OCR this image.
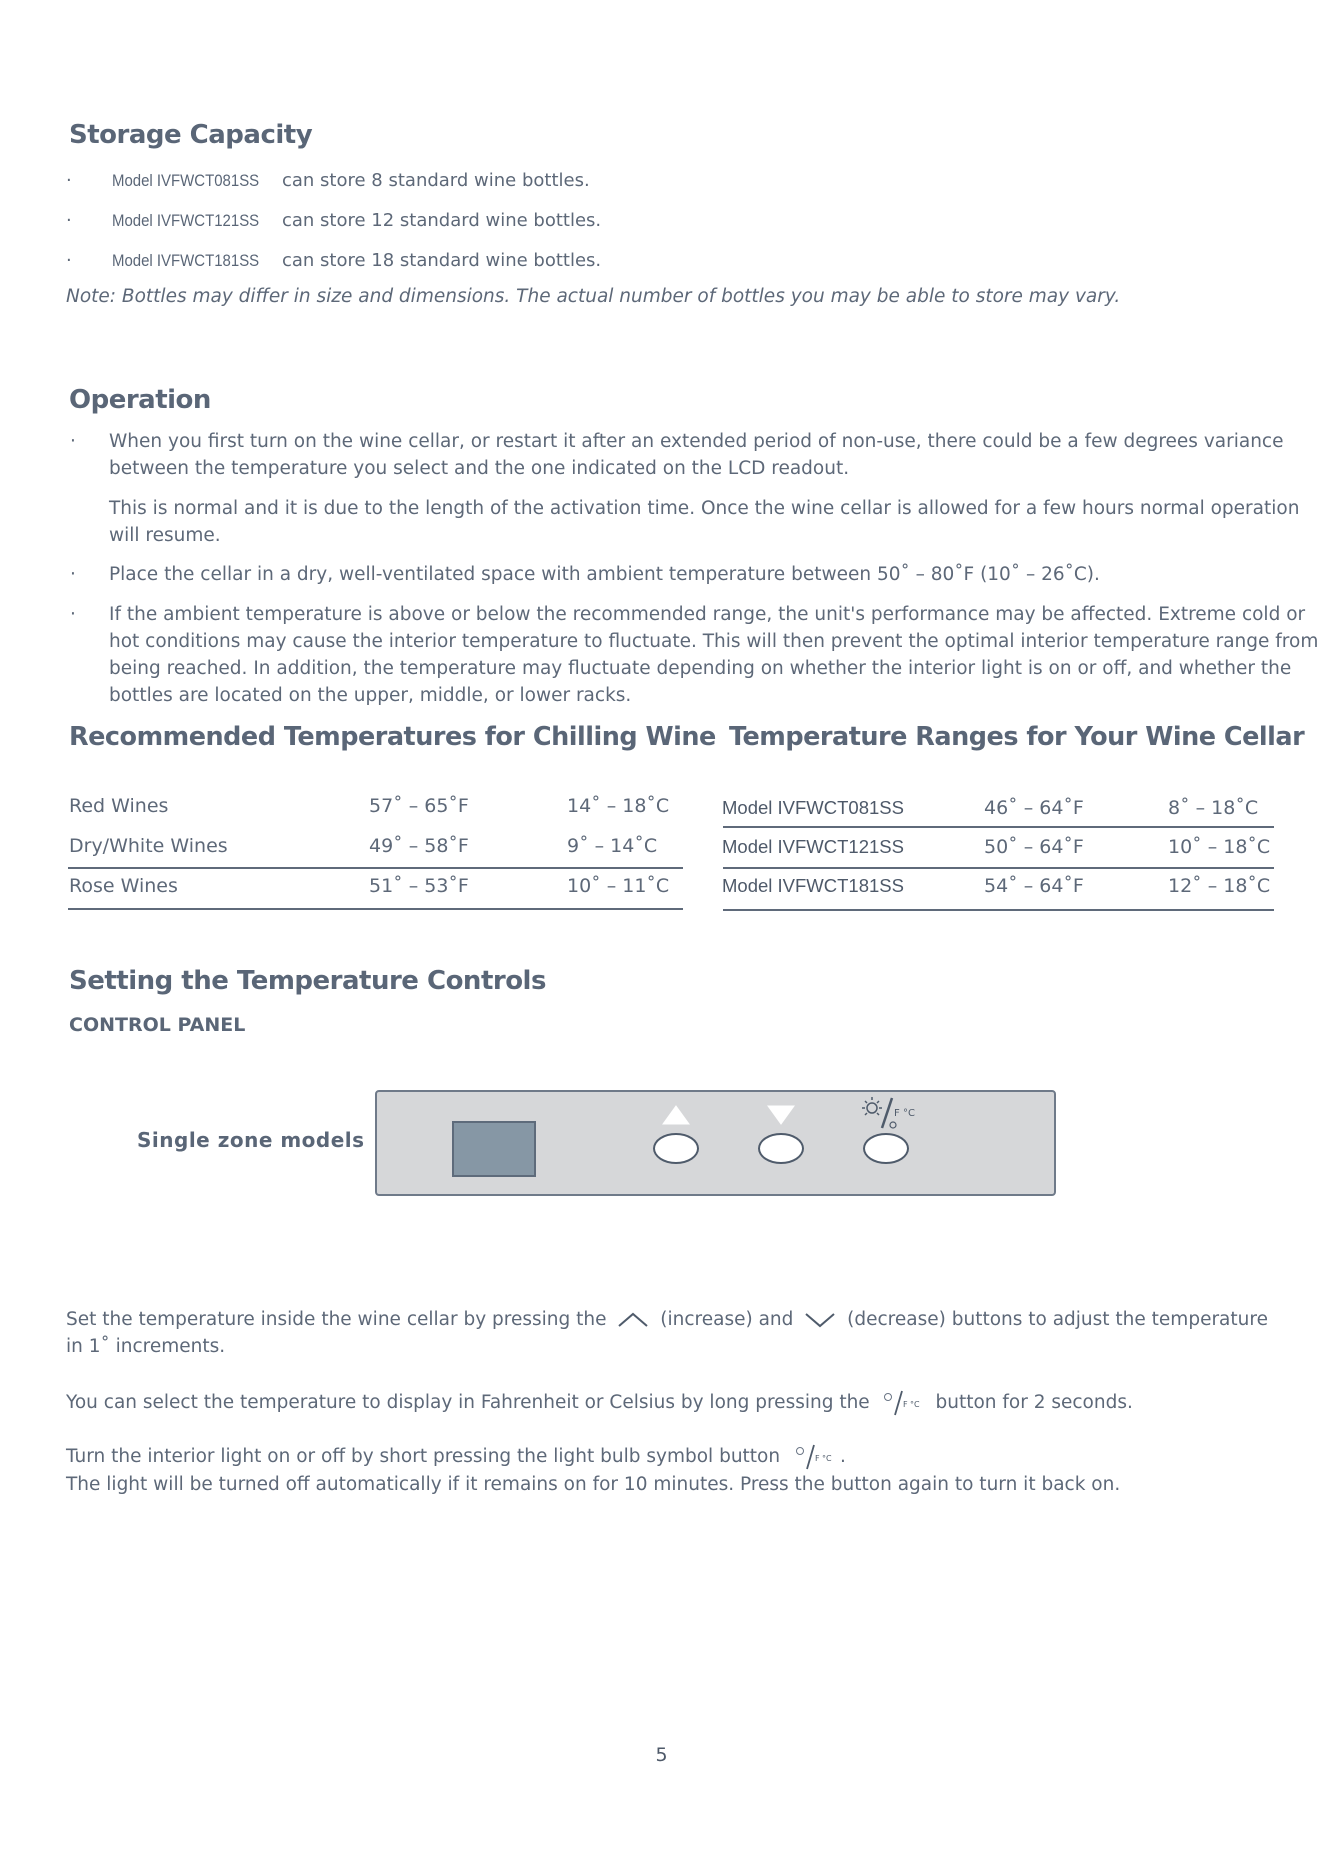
Storage Capacity
· Model IVFWCT081SS can store 8 standard wine bottles.
· Model IVFWCT121SS can store 12 standard wine bottles.
· Model IVFWCT181SS can store 18 standard wine bottles.
Note: Bottles may differ in size and dimensions. The actual number of bottles you may be able to store may vary.
Operation
· When you first turn on the wine cellar, or restart it after an extended period of non-use, there could be a few degrees variance
between the temperature you select and the one indicated on the LCD readout.
This is normal and it is due to the length of the activation time. Once the wine cellar is allowed for a few hours normal operation
will resume.
· Place the cellar in a dry, well-ventilated space with ambient temperature between 50˚ – 80˚F (10˚ – 26˚C).
· If the ambient temperature is above or below the recommended range, the unit's performance may be affected. Extreme cold or
hot conditions may cause the interior temperature to fluctuate. This will then prevent the optimal interior temperature range from
being reached. In addition, the temperature may fluctuate depending on whether the interior light is on or off, and whether the
bottles are located on the upper, middle, or lower racks.
Recommended Temperatures for Chilling Wine
Red Wines	57˚ – 65˚F	14˚ – 18˚C
Dry/White Wines	49˚ – 58˚F	9˚ – 14˚C
Rose Wines	51˚ – 53˚F	10˚ – 11˚C
Temperature Ranges for Your Wine Cellar
Model IVFWCT081SS	46˚ – 64˚F	8˚ – 18˚C
Model IVFWCT121SS	50˚ – 64˚F	10˚ – 18˚C
Model IVFWCT181SS	54˚ – 64˚F	12˚ – 18˚C
Setting the Temperature Controls
CONTROL PANEL
Single zone models
F °C
Set the temperature inside the wine cellar by pressing the	(increase) and	(decrease) buttons to adjust the temperature
in 1˚ increments.
You can select the temperature to display in Fahrenheit or Celsius by long pressing the	F °C button for 2 seconds.
Turn the interior light on or off by short pressing the light bulb symbol button	F °C .
The light will be turned off automatically if it remains on for 10 minutes. Press the button again to turn it back on.
5
